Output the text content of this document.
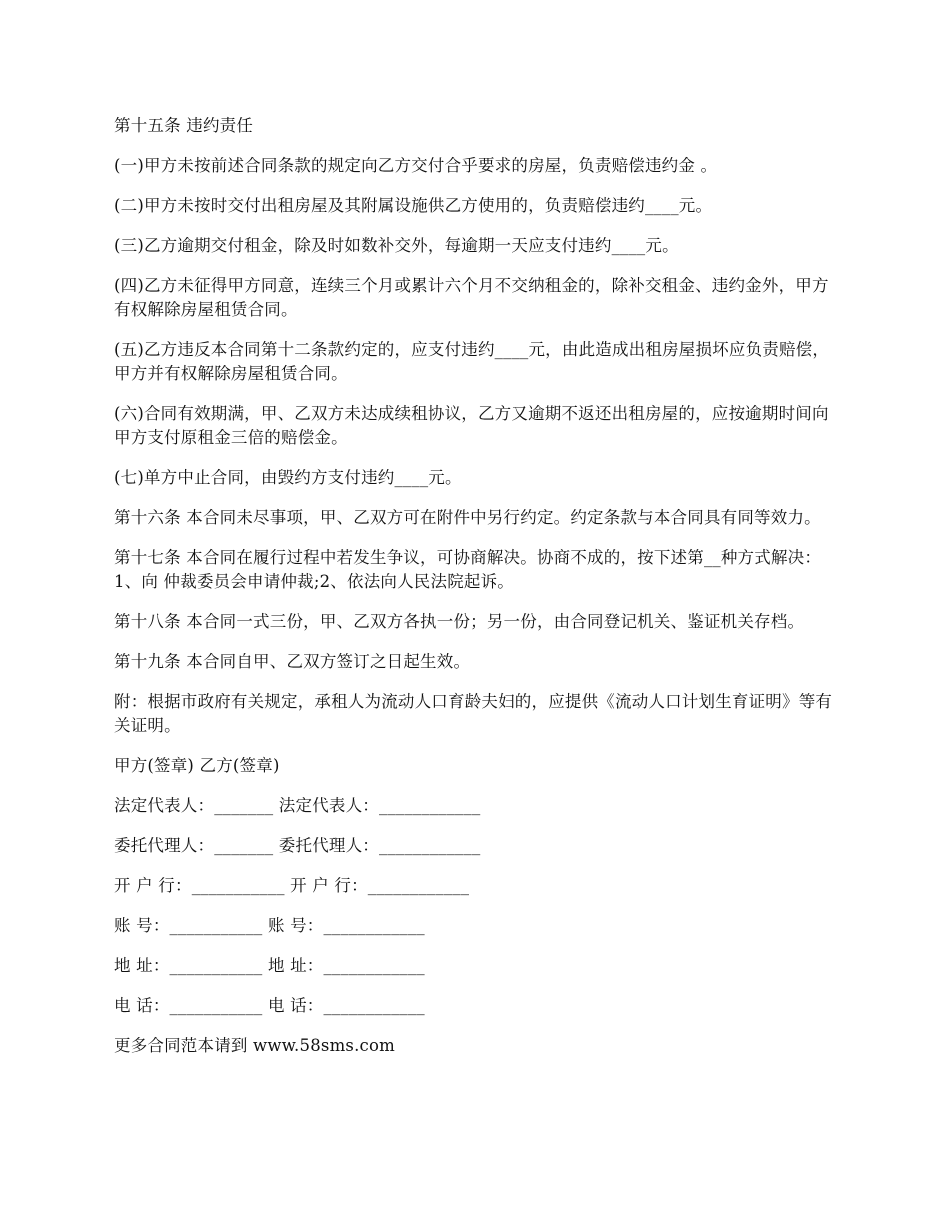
第十五条 违约责任

(一)甲方未按前述合同条款的规定向乙方交付合乎要求的房屋，负责赔偿违约金 。

(二)甲方未按时交付出租房屋及其附属设施供乙方使用的，负责赔偿违约____元。

(三)乙方逾期交付租金，除及时如数补交外，每逾期一天应支付违约____元。

(四)乙方未征得甲方同意，连续三个月或累计六个月不交纳租金的，除补交租金、违约金外，甲方有权解除房屋租赁合同。

(五)乙方违反本合同第十二条款约定的，应支付违约____元，由此造成出租房屋损坏应负责赔偿，甲方并有权解除房屋租赁合同。

(六)合同有效期满，甲、乙双方未达成续租协议，乙方又逾期不返还出租房屋的，应按逾期时间向甲方支付原租金三倍的赔偿金。

(七)单方中止合同，由毁约方支付违约____元。

第十六条 本合同未尽事项，甲、乙双方可在附件中另行约定。约定条款与本合同具有同等效力。

第十七条 本合同在履行过程中若发生争议，可协商解决。协商不成的，按下述第__种方式解决：1、向 仲裁委员会申请仲裁;2、依法向人民法院起诉。

第十八条 本合同一式三份，甲、乙双方各执一份；另一份，由合同登记机关、鉴证机关存档。

第十九条 本合同自甲、乙双方签订之日起生效。

附：根据市政府有关规定，承租人为流动人口育龄夫妇的，应提供《流动人口计划生育证明》等有关证明。

甲方(签章) 乙方(签章)

法定代表人：_______ 法定代表人：____________

委托代理人：_______ 委托代理人：____________

开 户 行：___________ 开 户 行：____________

账 号：___________ 账 号：____________

地 址：___________ 地 址：____________

电 话：___________ 电 话：____________

更多合同范本请到 www.58sms.com
